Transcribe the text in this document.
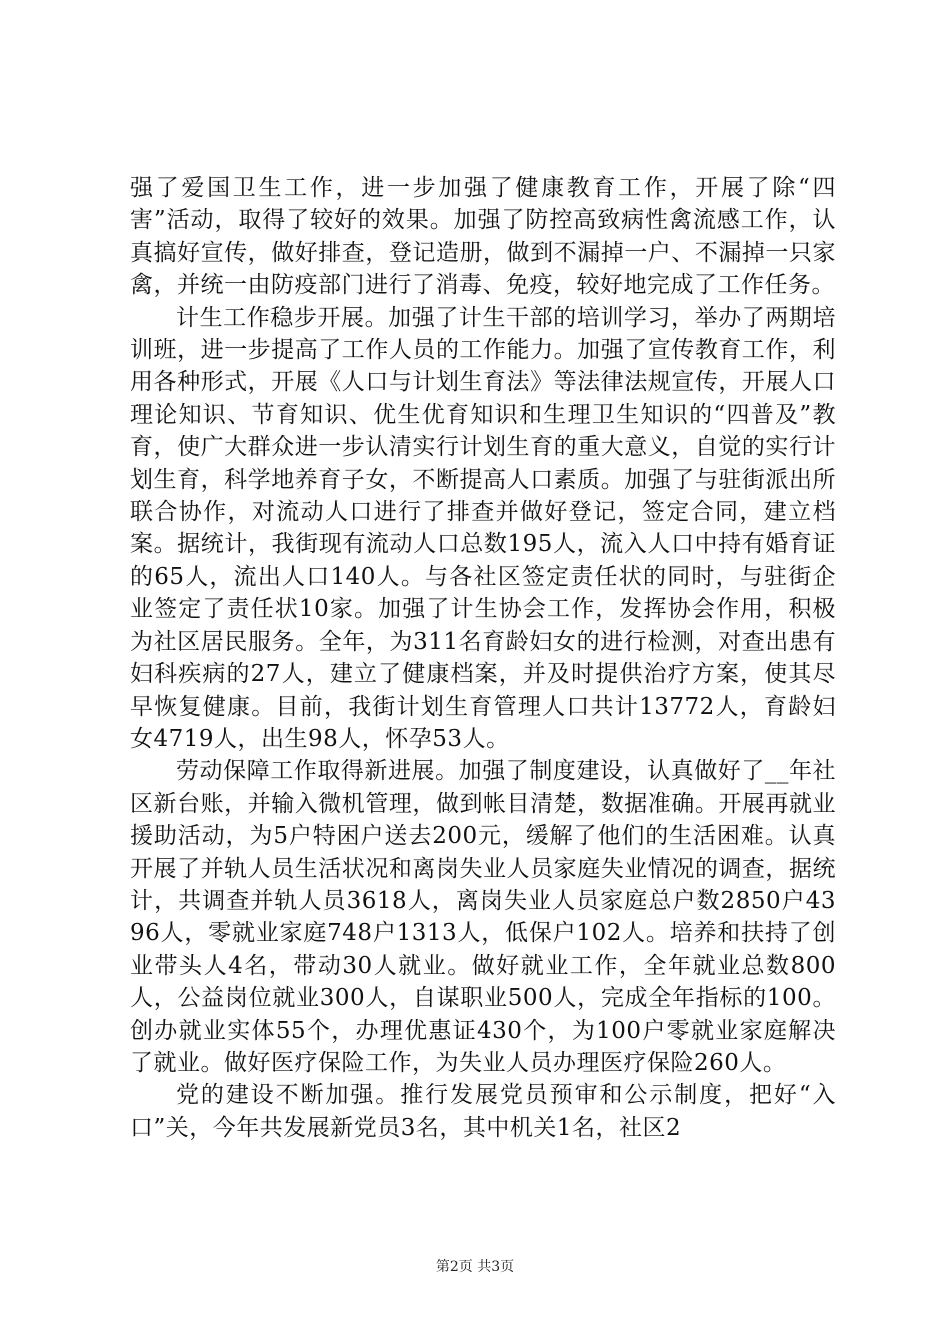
强了爱国卫生工作，进一步加强了健康教育工作，开展了除“四害”活动，取得了较好的效果。加强了防控高致病性禽流感工作，认真搞好宣传，做好排查，登记造册，做到不漏掉一户、不漏掉一只家禽，并统一由防疫部门进行了消毒、免疫，较好地完成了工作任务。

计生工作稳步开展。加强了计生干部的培训学习，举办了两期培训班，进一步提高了工作人员的工作能力。加强了宣传教育工作，利用各种形式，开展《人口与计划生育法》等法律法规宣传，开展人口理论知识、节育知识、优生优育知识和生理卫生知识的“四普及”教育，使广大群众进一步认清实行计划生育的重大意义，自觉的实行计划生育，科学地养育子女，不断提高人口素质。加强了与驻街派出所联合协作，对流动人口进行了排查并做好登记，签定合同，建立档案。据统计，我街现有流动人口总数195人，流入人口中持有婚育证的65人，流出人口140人。与各社区签定责任状的同时，与驻街企业签定了责任状10家。加强了计生协会工作，发挥协会作用，积极为社区居民服务。全年，为311名育龄妇女的进行检测，对查出患有妇科疾病的27人，建立了健康档案，并及时提供治疗方案，使其尽早恢复健康。目前，我街计划生育管理人口共计13772人，育龄妇女4719人，出生98人，怀孕53人。

劳动保障工作取得新进展。加强了制度建设，认真做好了__年社区新台账，并输入微机管理，做到帐目清楚，数据准确。开展再就业援助活动，为5户特困户送去200元，缓解了他们的生活困难。认真开展了并轨人员生活状况和离岗失业人员家庭失业情况的调查，据统计，共调查并轨人员3618人，离岗失业人员家庭总户数2850户4396人，零就业家庭748户1313人，低保户102人。培养和扶持了创业带头人4名，带动30人就业。做好就业工作，全年就业总数800人，公益岗位就业300人，自谋职业500人，完成全年指标的100。创办就业实体55个，办理优惠证430个，为100户零就业家庭解决了就业。做好医疗保险工作，为失业人员办理医疗保险260人。

党的建设不断加强。推行发展党员预审和公示制度，把好“入口”关，今年共发展新党员3名，其中机关1名，社区2

第2页 共3页
